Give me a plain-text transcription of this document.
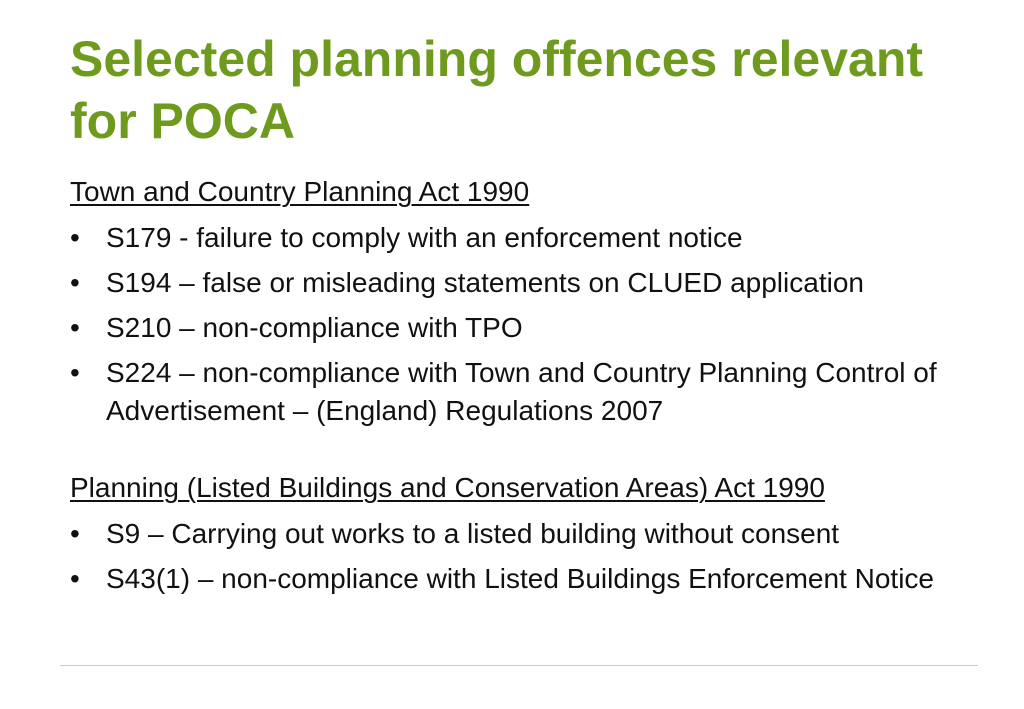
Selected planning offences relevant for POCA

Town and Country Planning Act 1990

• S179 - failure to comply with an enforcement notice
• S194 – false or misleading statements on CLUED application
• S210 – non-compliance with TPO
• S224 – non-compliance with Town and Country Planning Control of Advertisement – (England) Regulations 2007

Planning (Listed Buildings and Conservation Areas) Act 1990

• S9 – Carrying out works to a listed building without consent
• S43(1) – non-compliance with Listed Buildings Enforcement Notice
